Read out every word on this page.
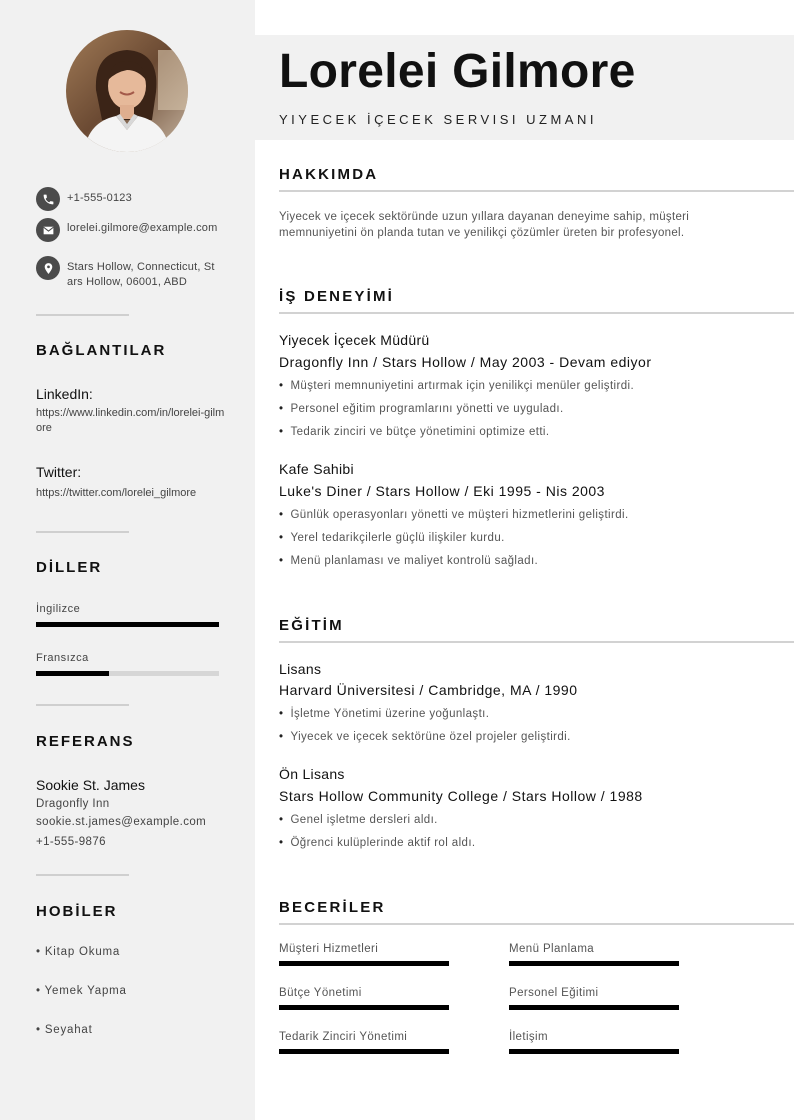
+1-555-0123
lorelei.gilmore@example.com
Stars Hollow, Connecticut, Stars Hollow, 06001, ABD
BAĞLANTILAR
LinkedIn:
https://www.linkedin.com/in/lorelei-gilmore
Twitter:
https://twitter.com/lorelei_gilmore
DİLLER
İngilizce
Fransızca
REFERANS
Sookie St. James
Dragonfly Inn
sookie.st.james@example.com
+1-555-9876
HOBİLER
• Kitap Okuma
• Yemek Yapma
• Seyahat
Lorelei Gilmore
YIYECEK İÇECEK SERVISI UZMANI
HAKKIMDA
Yiyecek ve içecek sektöründe uzun yıllara dayanan deneyime sahip, müşteri memnuniyetini ön planda tutan ve yenilikçi çözümler üreten bir profesyonel.
İŞ DENEYİMİ
Yiyecek İçecek Müdürü
Dragonfly Inn / Stars Hollow / May 2003 - Devam ediyor
• Müşteri memnuniyetini artırmak için yenilikçi menüler geliştirdi.
• Personel eğitim programlarını yönetti ve uyguladı.
• Tedarik zinciri ve bütçe yönetimini optimize etti.
Kafe Sahibi
Luke's Diner / Stars Hollow / Eki 1995 - Nis 2003
• Günlük operasyonları yönetti ve müşteri hizmetlerini geliştirdi.
• Yerel tedarikçilerle güçlü ilişkiler kurdu.
• Menü planlaması ve maliyet kontrolü sağladı.
EĞİTİM
Lisans
Harvard Üniversitesi / Cambridge, MA / 1990
• İşletme Yönetimi üzerine yoğunlaştı.
• Yiyecek ve içecek sektörüne özel projeler geliştirdi.
Ön Lisans
Stars Hollow Community College / Stars Hollow / 1988
• Genel işletme dersleri aldı.
• Öğrenci kulüplerinde aktif rol aldı.
BECERİLER
Müşteri Hizmetleri	Menü Planlama
Bütçe Yönetimi	Personel Eğitimi
Tedarik Zinciri Yönetimi	İletişim
